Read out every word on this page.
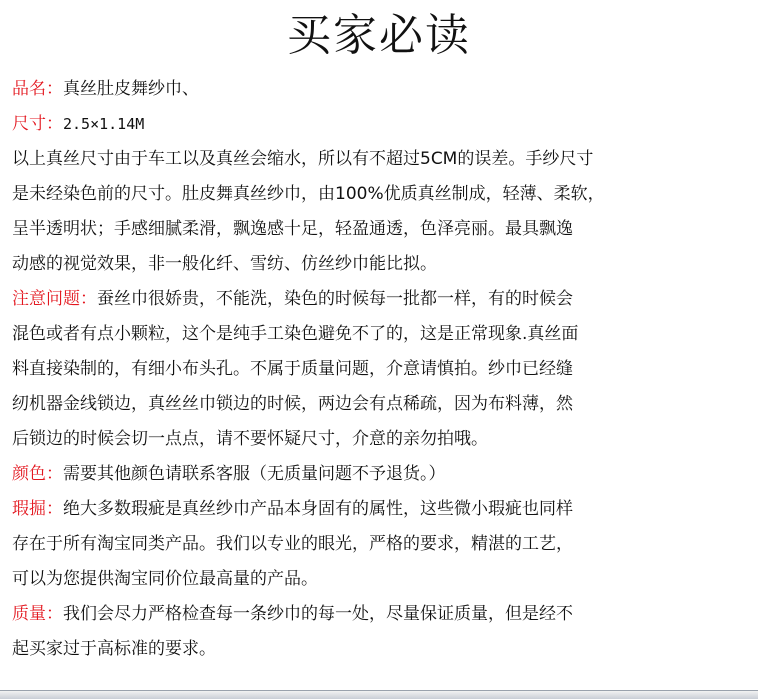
买家必读
品名：真丝肚皮舞纱巾、
尺寸：2.5×1.14M
以上真丝尺寸由于车工以及真丝会缩水，所以有不超过5CM的误差。手纱尺寸
是未经染色前的尺寸。肚皮舞真丝纱巾，由100%优质真丝制成，轻薄、柔软，
呈半透明状；手感细腻柔滑，飘逸感十足，轻盈通透，色泽亮丽。最具飘逸
动感的视觉效果，非一般化纤、雪纺、仿丝纱巾能比拟。
注意问题：蚕丝巾很娇贵，不能洗，染色的时候每一批都一样，有的时候会
混色或者有点小颗粒，这个是纯手工染色避免不了的，这是正常现象.真丝面
料直接染制的，有细小布头孔。不属于质量问题，介意请慎拍。纱巾已经缝
纫机器金线锁边，真丝丝巾锁边的时候，两边会有点稀疏，因为布料薄，然
后锁边的时候会切一点点，请不要怀疑尺寸，介意的亲勿拍哦。
颜色：需要其他颜色请联系客服（无质量问题不予退货。）
瑕掘：绝大多数瑕疵是真丝纱巾产品本身固有的属性，这些微小瑕疵也同样
存在于所有淘宝同类产品。我们以专业的眼光，严格的要求，精湛的工艺，
可以为您提供淘宝同价位最高量的产品。
质量：我们会尽力严格检查每一条纱巾的每一处，尽量保证质量，但是经不
起买家过于高标准的要求。
